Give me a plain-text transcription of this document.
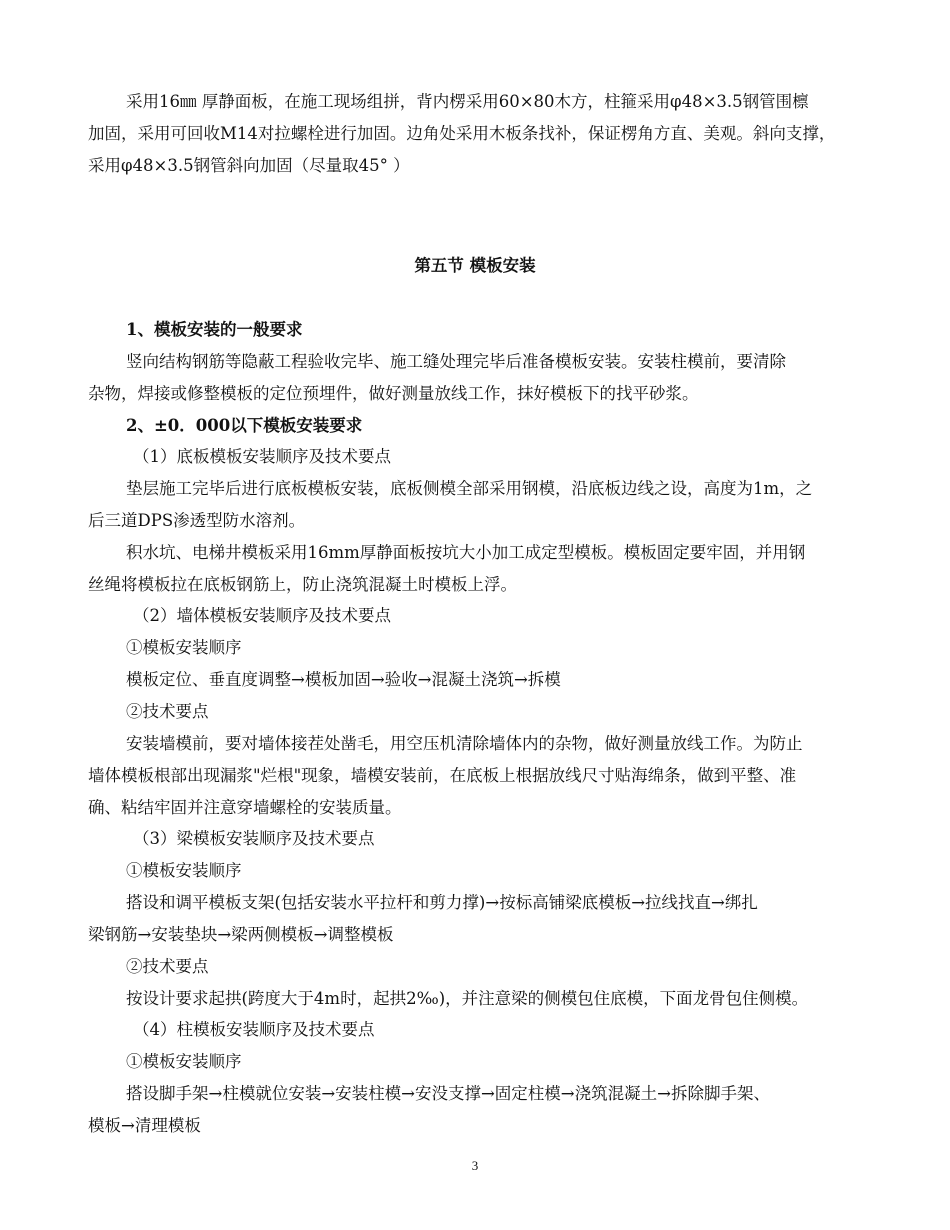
采用16㎜ 厚静面板，在施工现场组拼，背内楞采用60×80木方，柱箍采用φ48×3.5钢管围檩
加固，采用可回收M14对拉螺栓进行加固。边角处采用木板条找补，保证楞角方直、美观。斜向支撑，
采用φ48×3.5钢管斜向加固（尽量取45° ）
第五节 模板安装
1、模板安装的一般要求
竖向结构钢筋等隐蔽工程验收完毕、施工缝处理完毕后准备模板安装。安装柱模前，要清除
杂物，焊接或修整模板的定位预埋件，做好测量放线工作，抹好模板下的找平砂浆。
2、±0．000以下模板安装要求
（1）底板模板安装顺序及技术要点
垫层施工完毕后进行底板模板安装，底板侧模全部采用钢模，沿底板边线之设，高度为1m，之
后三道DPS渗透型防水溶剂。
积水坑、电梯井模板采用16mm厚静面板按坑大小加工成定型模板。模板固定要牢固，并用钢
丝绳将模板拉在底板钢筋上，防止浇筑混凝土时模板上浮。
（2）墙体模板安装顺序及技术要点
①模板安装顺序
模板定位、垂直度调整→模板加固→验收→混凝土浇筑→拆模
②技术要点
安装墙模前，要对墙体接茬处凿毛，用空压机清除墙体内的杂物，做好测量放线工作。为防止
墙体模板根部出现漏浆"烂根"现象，墙模安装前，在底板上根据放线尺寸贴海绵条，做到平整、准
确、粘结牢固并注意穿墙螺栓的安装质量。
（3）梁模板安装顺序及技术要点
①模板安装顺序
搭设和调平模板支架(包括安装水平拉杆和剪力撑)→按标高铺梁底模板→拉线找直→绑扎
梁钢筋→安装垫块→梁两侧模板→调整模板
②技术要点
按设计要求起拱(跨度大于4m时，起拱2‰)，并注意梁的侧模包住底模，下面龙骨包住侧模。
（4）柱模板安装顺序及技术要点
①模板安装顺序
搭设脚手架→柱模就位安装→安装柱模→安没支撑→固定柱模→浇筑混凝土→拆除脚手架、
模板→清理模板
3
